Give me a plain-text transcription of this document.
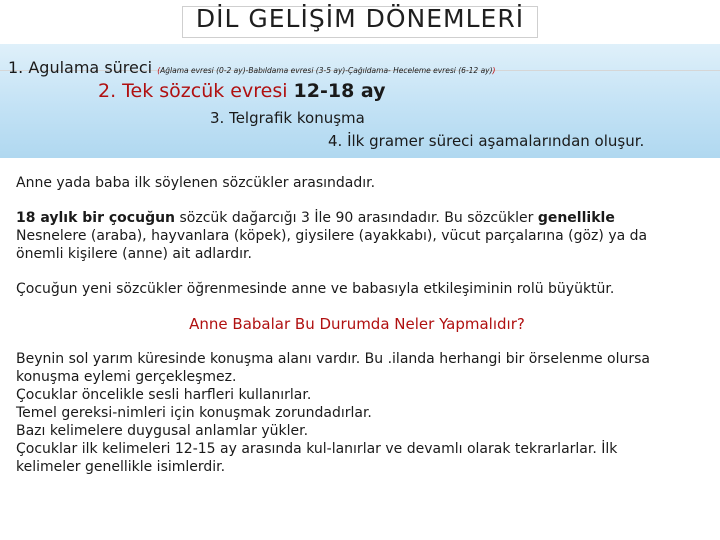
DİL GELİŞİM DÖNEMLERİ
1. Agulama süreci (Ağlama evresi (0-2 ay)-Babıldama evresi (3-5 ay)-Çağıldama- Heceleme evresi (6-12 ay))
2. Tek sözcük evresi 12-18 ay
3. Telgrafik konuşma
4. İlk gramer süreci aşamalarından oluşur.

Anne yada baba ilk söylenen sözcükler arasındadır.

18 aylık bir çocuğun sözcük dağarcığı 3 İle 90 arasındadır. Bu sözcükler genellikle

Nesnelere (araba), hayvanlara (köpek), giysilere (ayakkabı), vücut parçalarına (göz) ya da

önemli kişilere (anne) ait adlardır.

Çocuğun yeni sözcükler öğrenmesinde anne ve babasıyla etkileşiminin rolü büyüktür.

Anne Babalar Bu Durumda Neler Yapmalıdır?

Beynin sol yarım küresinde konuşma alanı vardır. Bu .ilanda herhangi bir örselenme olursa

konuşma eylemi gerçekleşmez.

Çocuklar öncelikle sesli harfleri kullanırlar.

Temel gereksi-nimleri için konuşmak zorundadırlar.

Bazı kelimelere duygusal anlamlar yükler.

Çocuklar ilk kelimeleri 12-15 ay arasında kul-lanırlar ve devamlı olarak tekrarlarlar. İlk

kelimeler genellikle isimlerdir.
